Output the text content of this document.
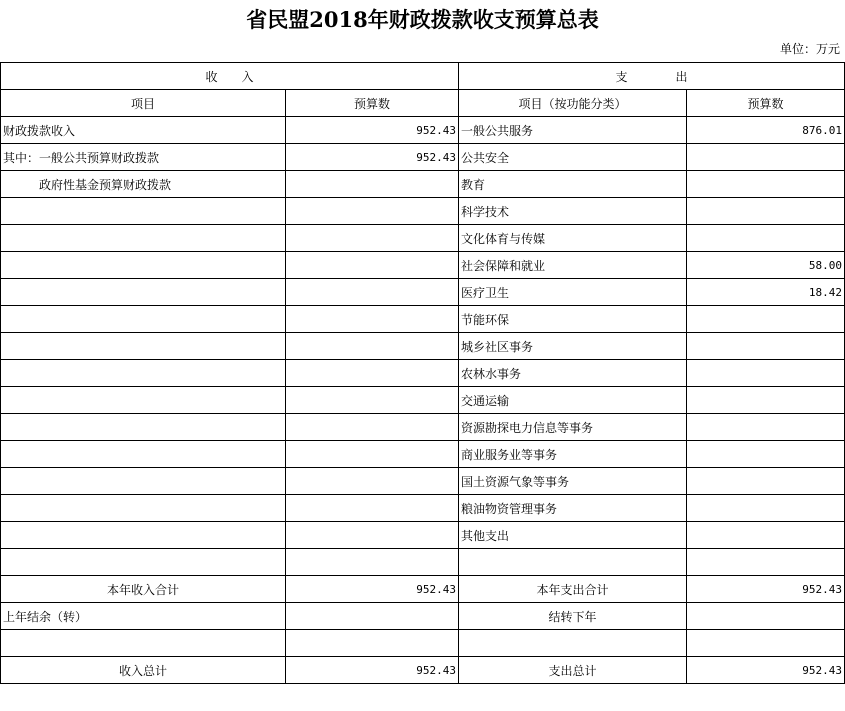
省民盟2018年财政拨款收支预算总表
单位：万元
收　　入		支　　　　出	
项目	预算数	项目（按功能分类）	预算数
财政拨款收入	952.43	一般公共服务	876.01
其中：一般公共预算财政拨款	952.43	公共安全	
政府性基金预算财政拨款		教育	
		科学技术	
		文化体育与传媒	
		社会保障和就业	58.00
		医疗卫生	18.42
		节能环保	
		城乡社区事务	
		农林水事务	
		交通运输	
		资源勘探电力信息等事务	
		商业服务业等事务	
		国土资源气象等事务	
		粮油物资管理事务	
		其他支出	

本年收入合计	952.43	本年支出合计	952.43
上年结余（转）		结转下年	

收入总计	952.43	支出总计	952.43
